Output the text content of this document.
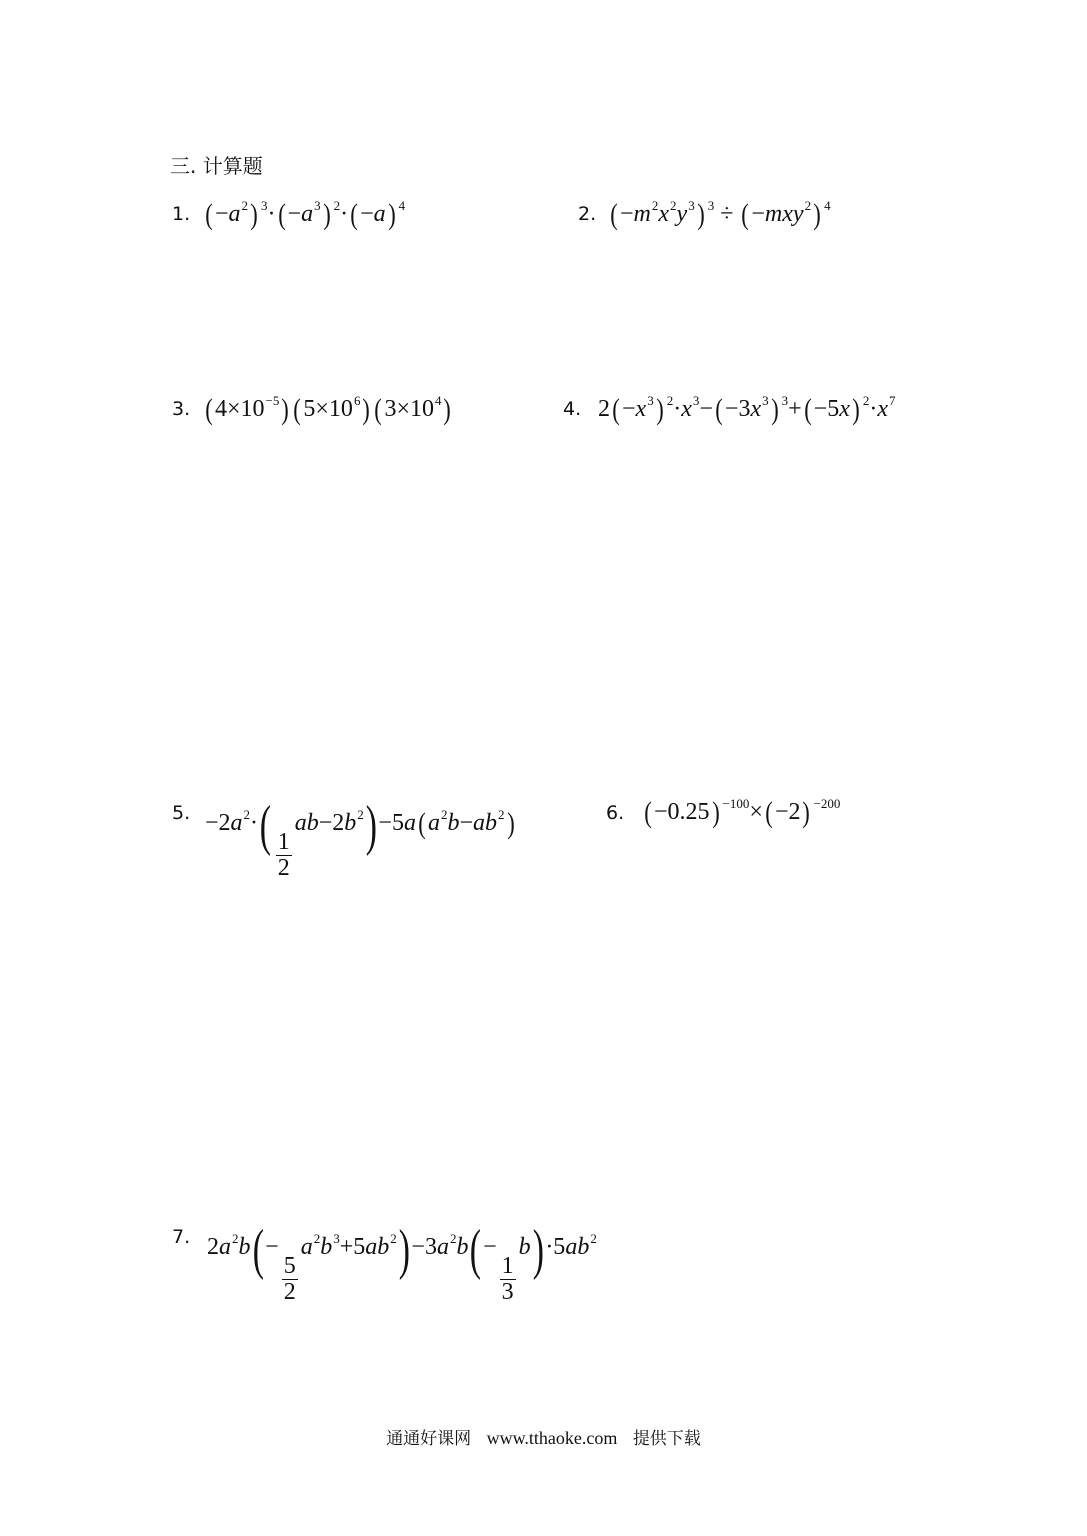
三. 计算题
1. $(-a^2)$ $^3\cdot(-a^3)$ $^2$·(−a) $^4$	2. $(-m^2x^2y^3) ^3 \div (-mxy^2)$ $^4$
3. $(4\times 10^{-5})$ $(5\times 10^6)$ $(3\times 10^4)$	4. $2(-x^3)$ $^2\cdot x^3-(-3x^3)$ $^3$+(−5x) $^2\cdot x^7$
5. $-2a^2\cdot( \frac{1}{2}$
$ab-2b^2)-5a(a^2b-ab^2)$	6. (−0.25) $^{-100}$×(−2) $^{-200}$
7. $2a^2b(-$
$\frac{5}{2}$
$a^2b^3+5ab^2)-3a^2b(-$
$\frac{1}{3}$
$b)\cdot 5ab^2$
通通好课网 www.tthaoke.com 提供下载
